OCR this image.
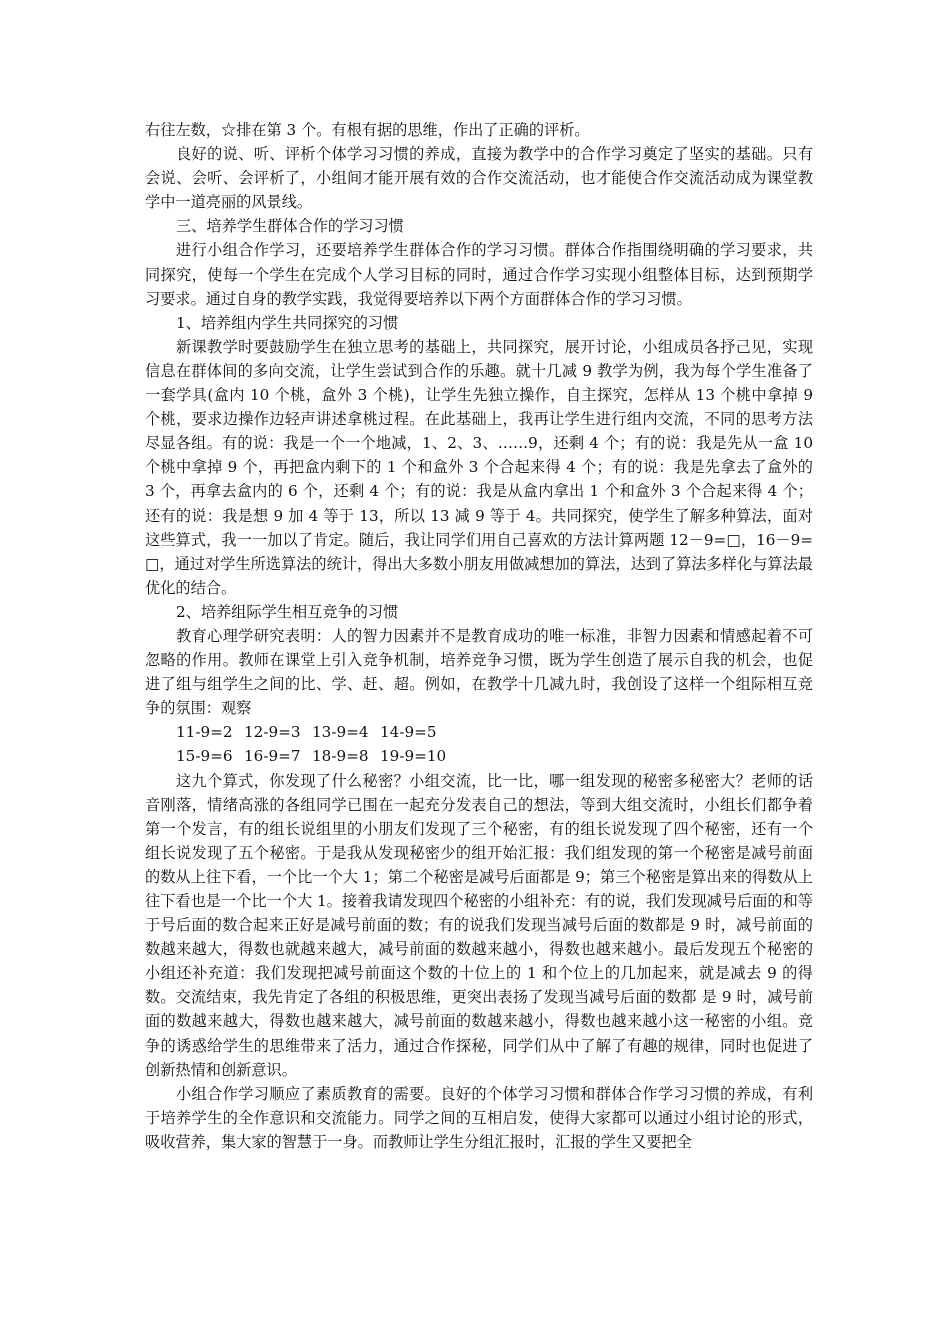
右往左数，☆排在第 3 个。有根有据的思维，作出了正确的评析。

良好的说、听、评析个体学习习惯的养成，直接为教学中的合作学习奠定了坚实的基础。只有会说、会听、会评析了，小组间才能开展有效的合作交流活动，也才能使合作交流活动成为课堂教学中一道亮丽的风景线。

三、培养学生群体合作的学习习惯

进行小组合作学习，还要培养学生群体合作的学习习惯。群体合作指围绕明确的学习要求，共同探究，使每一个学生在完成个人学习目标的同时，通过合作学习实现小组整体目标，达到预期学习要求。通过自身的教学实践，我觉得要培养以下两个方面群体合作的学习习惯。

1、培养组内学生共同探究的习惯

新课教学时要鼓励学生在独立思考的基础上，共同探究，展开讨论，小组成员各抒己见，实现信息在群体间的多向交流，让学生尝试到合作的乐趣。就十几减 9 教学为例，我为每个学生准备了一套学具(盒内 10 个桃，盒外 3 个桃)，让学生先独立操作，自主探究，怎样从 13 个桃中拿掉 9 个桃，要求边操作边轻声讲述拿桃过程。在此基础上，我再让学生进行组内交流，不同的思考方法尽显各组。有的说：我是一个一个地减，1、2、3、……9，还剩 4 个；有的说：我是先从一盒 10 个桃中拿掉 9 个，再把盒内剩下的 1 个和盒外 3 个合起来得 4 个；有的说：我是先拿去了盒外的 3 个，再拿去盒内的 6 个，还剩 4 个；有的说：我是从盒内拿出 1 个和盒外 3 个合起来得 4 个；还有的说：我是想 9 加 4 等于 13，所以 13 减 9 等于 4。共同探究，使学生了解多种算法，面对这些算式，我一一加以了肯定。随后，我让同学们用自己喜欢的方法计算两题 12－9=□，16－9=□，通过对学生所选算法的统计，得出大多数小朋友用做减想加的算法，达到了算法多样化与算法最优化的结合。

2、培养组际学生相互竞争的习惯

教育心理学研究表明：人的智力因素并不是教育成功的唯一标准，非智力因素和情感起着不可忽略的作用。教师在课堂上引入竞争机制，培养竞争习惯，既为学生创造了展示自我的机会，也促进了组与组学生之间的比、学、赶、超。例如，在教学十几减九时，我创设了这样一个组际相互竞争的氛围：观察

11-9=2 12-9=3 13-9=4 14-9=5
15-9=6 16-9=7 18-9=8 19-9=10

这九个算式，你发现了什么秘密？小组交流，比一比，哪一组发现的秘密多秘密大？老师的话音刚落，情绪高涨的各组同学已围在一起充分发表自己的想法，等到大组交流时，小组长们都争着第一个发言，有的组长说组里的小朋友们发现了三个秘密，有的组长说发现了四个秘密，还有一个组长说发现了五个秘密。于是我从发现秘密少的组开始汇报：我们组发现的第一个秘密是减号前面的数从上往下看，一个比一个大 1；第二个秘密是减号后面都是 9；第三个秘密是算出来的得数从上往下看也是一个比一个大 1。接着我请发现四个秘密的小组补充：有的说，我们发现减号后面的和等于号后面的数合起来正好是减号前面的数；有的说我们发现当减号后面的数都是 9 时，减号前面的数越来越大，得数也就越来越大，减号前面的数越来越小，得数也越来越小。最后发现五个秘密的小组还补充道：我们发现把减号前面这个数的十位上的 1 和个位上的几加起来，就是减去 9 的得数。交流结束，我先肯定了各组的积极思维，更突出表扬了发现当减号后面的数都 是 9 时，减号前面的数越来越大，得数也越来越大，减号前面的数越来越小，得数也越来越小这一秘密的小组。竞争的诱惑给学生的思维带来了活力，通过合作探秘，同学们从中了解了有趣的规律，同时也促进了创新热情和创新意识。

小组合作学习顺应了素质教育的需要。良好的个体学习习惯和群体合作学习习惯的养成，有利于培养学生的全作意识和交流能力。同学之间的互相启发，使得大家都可以通过小组讨论的形式，吸收营养，集大家的智慧于一身。而教师让学生分组汇报时，汇报的学生又要把全
